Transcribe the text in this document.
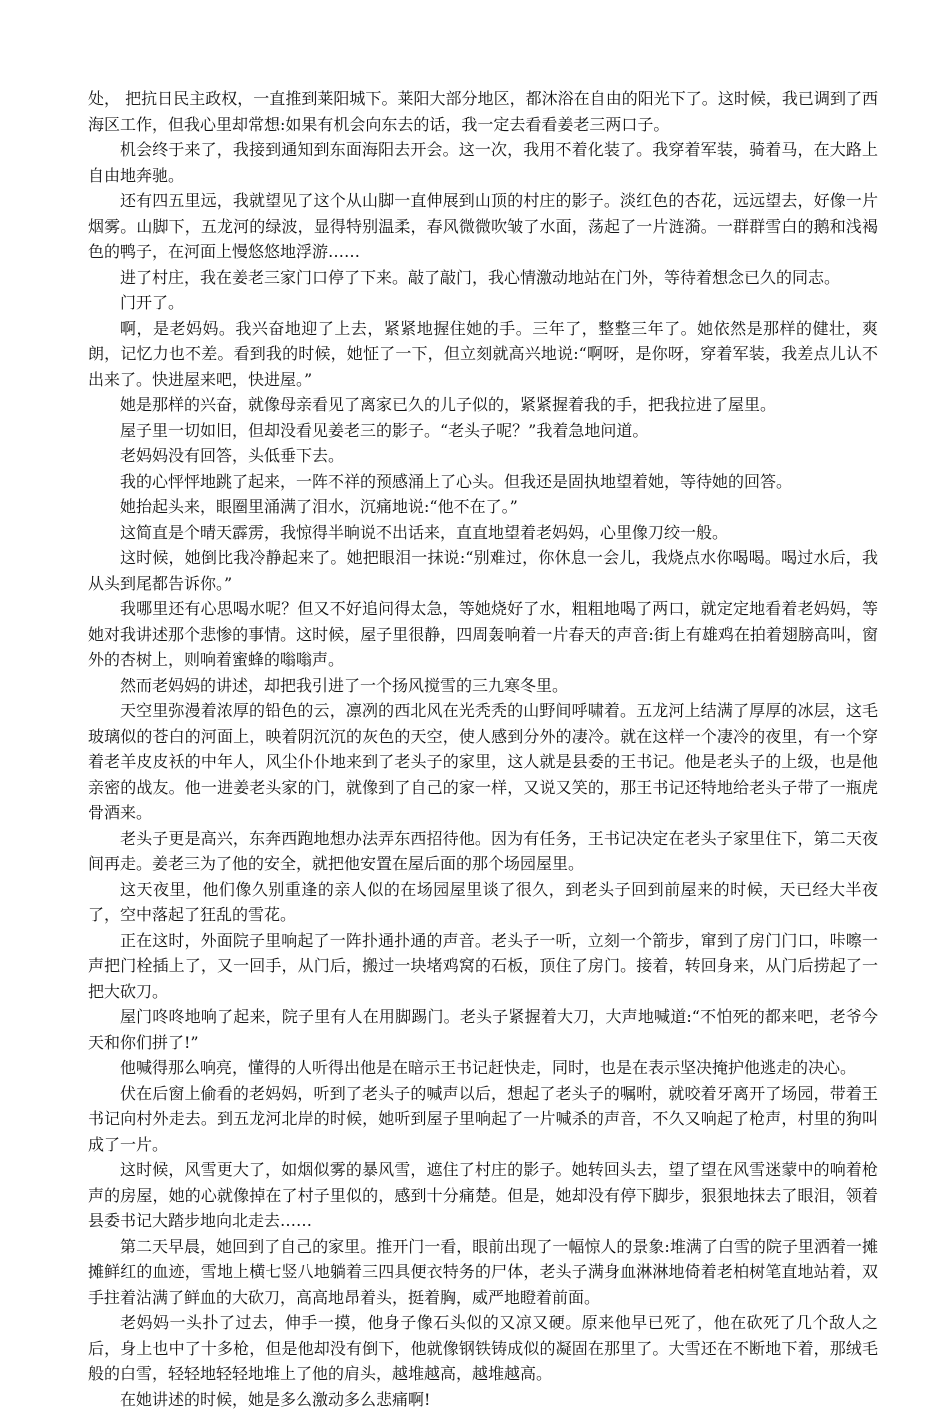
处， 把抗日民主政权，一直推到莱阳城下。莱阳大部分地区，都沐浴在自由的阳光下了。这时候，我已调到了西海区工作，但我心里却常想:如果有机会向东去的话，我一定去看看姜老三两口子。

机会终于来了，我接到通知到东面海阳去开会。这一次，我用不着化装了。我穿着军装，骑着马，在大路上自由地奔驰。

还有四五里远，我就望见了这个从山脚一直伸展到山顶的村庄的影子。淡红色的杏花，远远望去，好像一片烟雾。山脚下，五龙河的绿波，显得特别温柔，春风微微吹皱了水面，荡起了一片涟漪。一群群雪白的鹅和浅褐色的鸭子，在河面上慢悠悠地浮游……

进了村庄，我在姜老三家门口停了下来。敲了敲门，我心情激动地站在门外，等待着想念已久的同志。

门开了。

啊，是老妈妈。我兴奋地迎了上去，紧紧地握住她的手。三年了，整整三年了。她依然是那样的健壮，爽朗，记忆力也不差。看到我的时候，她怔了一下，但立刻就高兴地说:“啊呀，是你呀，穿着军装，我差点儿认不出来了。快进屋来吧，快进屋。”

她是那样的兴奋，就像母亲看见了离家已久的儿子似的，紧紧握着我的手，把我拉进了屋里。

屋子里一切如旧，但却没看见姜老三的影子。“老头子呢？”我着急地问道。

老妈妈没有回答，头低垂下去。

我的心怦怦地跳了起来，一阵不祥的预感涌上了心头。但我还是固执地望着她，等待她的回答。

她抬起头来，眼圈里涌满了泪水，沉痛地说:“他不在了。”

这简直是个晴天霹雳，我惊得半晌说不出话来，直直地望着老妈妈，心里像刀绞一般。

这时候，她倒比我冷静起来了。她把眼泪一抹说:“别难过，你休息一会儿，我烧点水你喝喝。喝过水后，我从头到尾都告诉你。”

我哪里还有心思喝水呢？但又不好追问得太急，等她烧好了水，粗粗地喝了两口，就定定地看着老妈妈，等她对我讲述那个悲惨的事情。这时候，屋子里很静，四周轰响着一片春天的声音:街上有雄鸡在拍着翅膀高叫，窗外的杏树上，则响着蜜蜂的嗡嗡声。

然而老妈妈的讲述，却把我引进了一个扬风搅雪的三九寒冬里。

天空里弥漫着浓厚的铅色的云，凛冽的西北风在光秃秃的山野间呼啸着。五龙河上结满了厚厚的冰层，这毛玻璃似的苍白的河面上，映着阴沉沉的灰色的天空，使人感到分外的凄冷。就在这样一个凄冷的夜里，有一个穿着老羊皮皮袄的中年人，风尘仆仆地来到了老头子的家里，这人就是县委的王书记。他是老头子的上级，也是他亲密的战友。他一进姜老头家的门，就像到了自己的家一样，又说又笑的，那王书记还特地给老头子带了一瓶虎骨酒来。

老头子更是高兴，东奔西跑地想办法弄东西招待他。因为有任务，王书记决定在老头子家里住下，第二天夜间再走。姜老三为了他的安全，就把他安置在屋后面的那个场园屋里。

这天夜里，他们像久别重逢的亲人似的在场园屋里谈了很久，到老头子回到前屋来的时候，天已经大半夜了，空中落起了狂乱的雪花。

正在这时，外面院子里响起了一阵扑通扑通的声音。老头子一听，立刻一个箭步，窜到了房门门口，咔嚓一声把门栓插上了，又一回手，从门后，搬过一块堵鸡窝的石板，顶住了房门。接着，转回身来，从门后捞起了一把大砍刀。

屋门咚咚地响了起来，院子里有人在用脚踢门。老头子紧握着大刀，大声地喊道:“不怕死的都来吧，老爷今天和你们拼了!”

他喊得那么响亮，懂得的人听得出他是在暗示王书记赶快走，同时，也是在表示坚决掩护他逃走的决心。

伏在后窗上偷看的老妈妈，听到了老头子的喊声以后，想起了老头子的嘱咐，就咬着牙离开了场园，带着王书记向村外走去。到五龙河北岸的时候，她听到屋子里响起了一片喊杀的声音，不久又响起了枪声，村里的狗叫成了一片。

这时候，风雪更大了，如烟似雾的暴风雪，遮住了村庄的影子。她转回头去，望了望在风雪迷蒙中的响着枪声的房屋，她的心就像掉在了村子里似的，感到十分痛楚。但是，她却没有停下脚步，狠狠地抹去了眼泪，领着县委书记大踏步地向北走去……

第二天早晨，她回到了自己的家里。推开门一看，眼前出现了一幅惊人的景象:堆满了白雪的院子里洒着一摊摊鲜红的血迹，雪地上横七竖八地躺着三四具便衣特务的尸体，老头子满身血淋淋地倚着老柏树笔直地站着，双手拄着沾满了鲜血的大砍刀，高高地昂着头，挺着胸，威严地瞪着前面。

老妈妈一头扑了过去，伸手一摸，他身子像石头似的又凉又硬。原来他早已死了，他在砍死了几个敌人之后，身上也中了十多枪，但是他却没有倒下，他就像钢铁铸成似的凝固在那里了。大雪还在不断地下着，那绒毛般的白雪，轻轻地轻轻地堆上了他的肩头，越堆越高，越堆越高。

在她讲述的时候，她是多么激动多么悲痛啊!
